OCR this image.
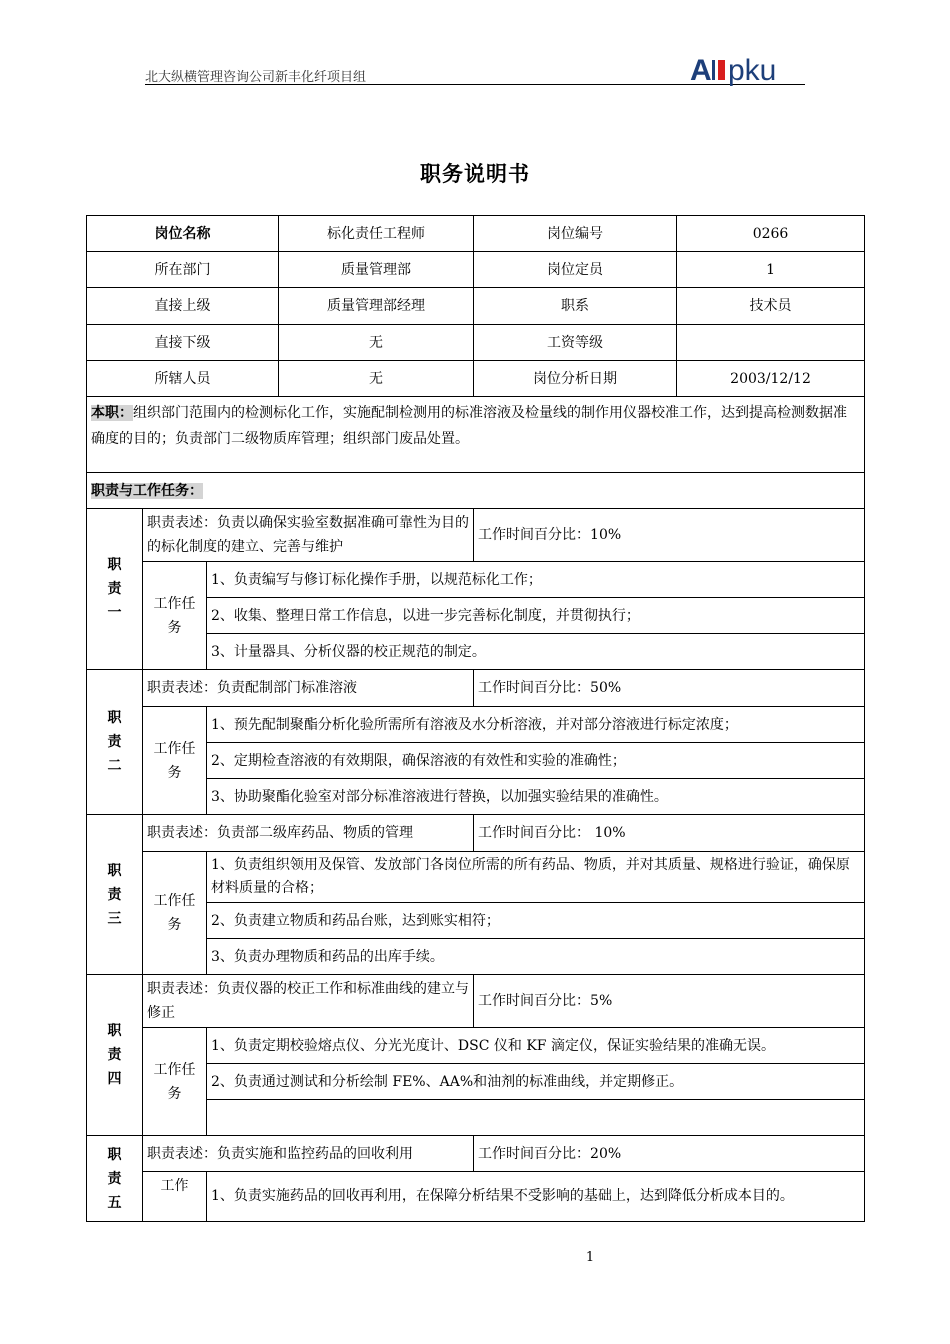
北大纵横管理咨询公司新丰化纤项目组	A pku
职务说明书
岗位名称			标化责任工程师	岗位编号	0266
所在部门			质量管理部	岗位定员	1
直接上级			质量管理部经理	职系	技术员
直接下级			无	工资等级	
所辖人员			无	岗位分析日期	2003/12/12
本职：组织部门范围内的检测标化工作，实施配制检测用的标准溶液及检量线的制作用仪器校准工作，达到提高检测数据准确度的目的；负责部门二级物质库管理；组织部门废品处置。					
职责与工作任务：					
职
责
一	职责表述：负责以确保实验室数据准确可靠性为目的的标化制度的建立、完善与维护			工作时间百分比：10%	
	工作任务	1、负责编写与修订标化操作手册，以规范标化工作；			
		2、收集、整理日常工作信息，以进一步完善标化制度，并贯彻执行；			
		3、计量器具、分析仪器的校正规范的制定。			
职
责
二	职责表述：负责配制部门标准溶液			工作时间百分比：50%	
	工作任务	1、预先配制聚酯分析化验所需所有溶液及水分析溶液，并对部分溶液进行标定浓度；			
		2、定期检查溶液的有效期限，确保溶液的有效性和实验的准确性；			
		3、协助聚酯化验室对部分标准溶液进行替换，以加强实验结果的准确性。			
职
责
三	职责表述：负责部二级库药品、物质的管理			工作时间百分比： 10%	
	工作任务	1、负责组织领用及保管、发放部门各岗位所需的所有药品、物质，并对其质量、规格进行验证，确保原材料质量的合格；			
		2、负责建立物质和药品台账，达到账实相符；			
		3、负责办理物质和药品的出库手续。			
职
责
四	职责表述：负责仪器的校正工作和标准曲线的建立与修正			工作时间百分比：5%	
	工作任务	1、负责定期校验熔点仪、分光光度计、DSC 仪和 KF 滴定仪，保证实验结果的准确无误。			
		2、负责通过测试和分析绘制 FE%、AA%和油剂的标准曲线，并定期修正。			

职
责
五	职责表述：负责实施和监控药品的回收利用			工作时间百分比：20%	
	工作	1、负责实施药品的回收再利用，在保障分析结果不受影响的基础上，达到降低分析成本目的。			
1
